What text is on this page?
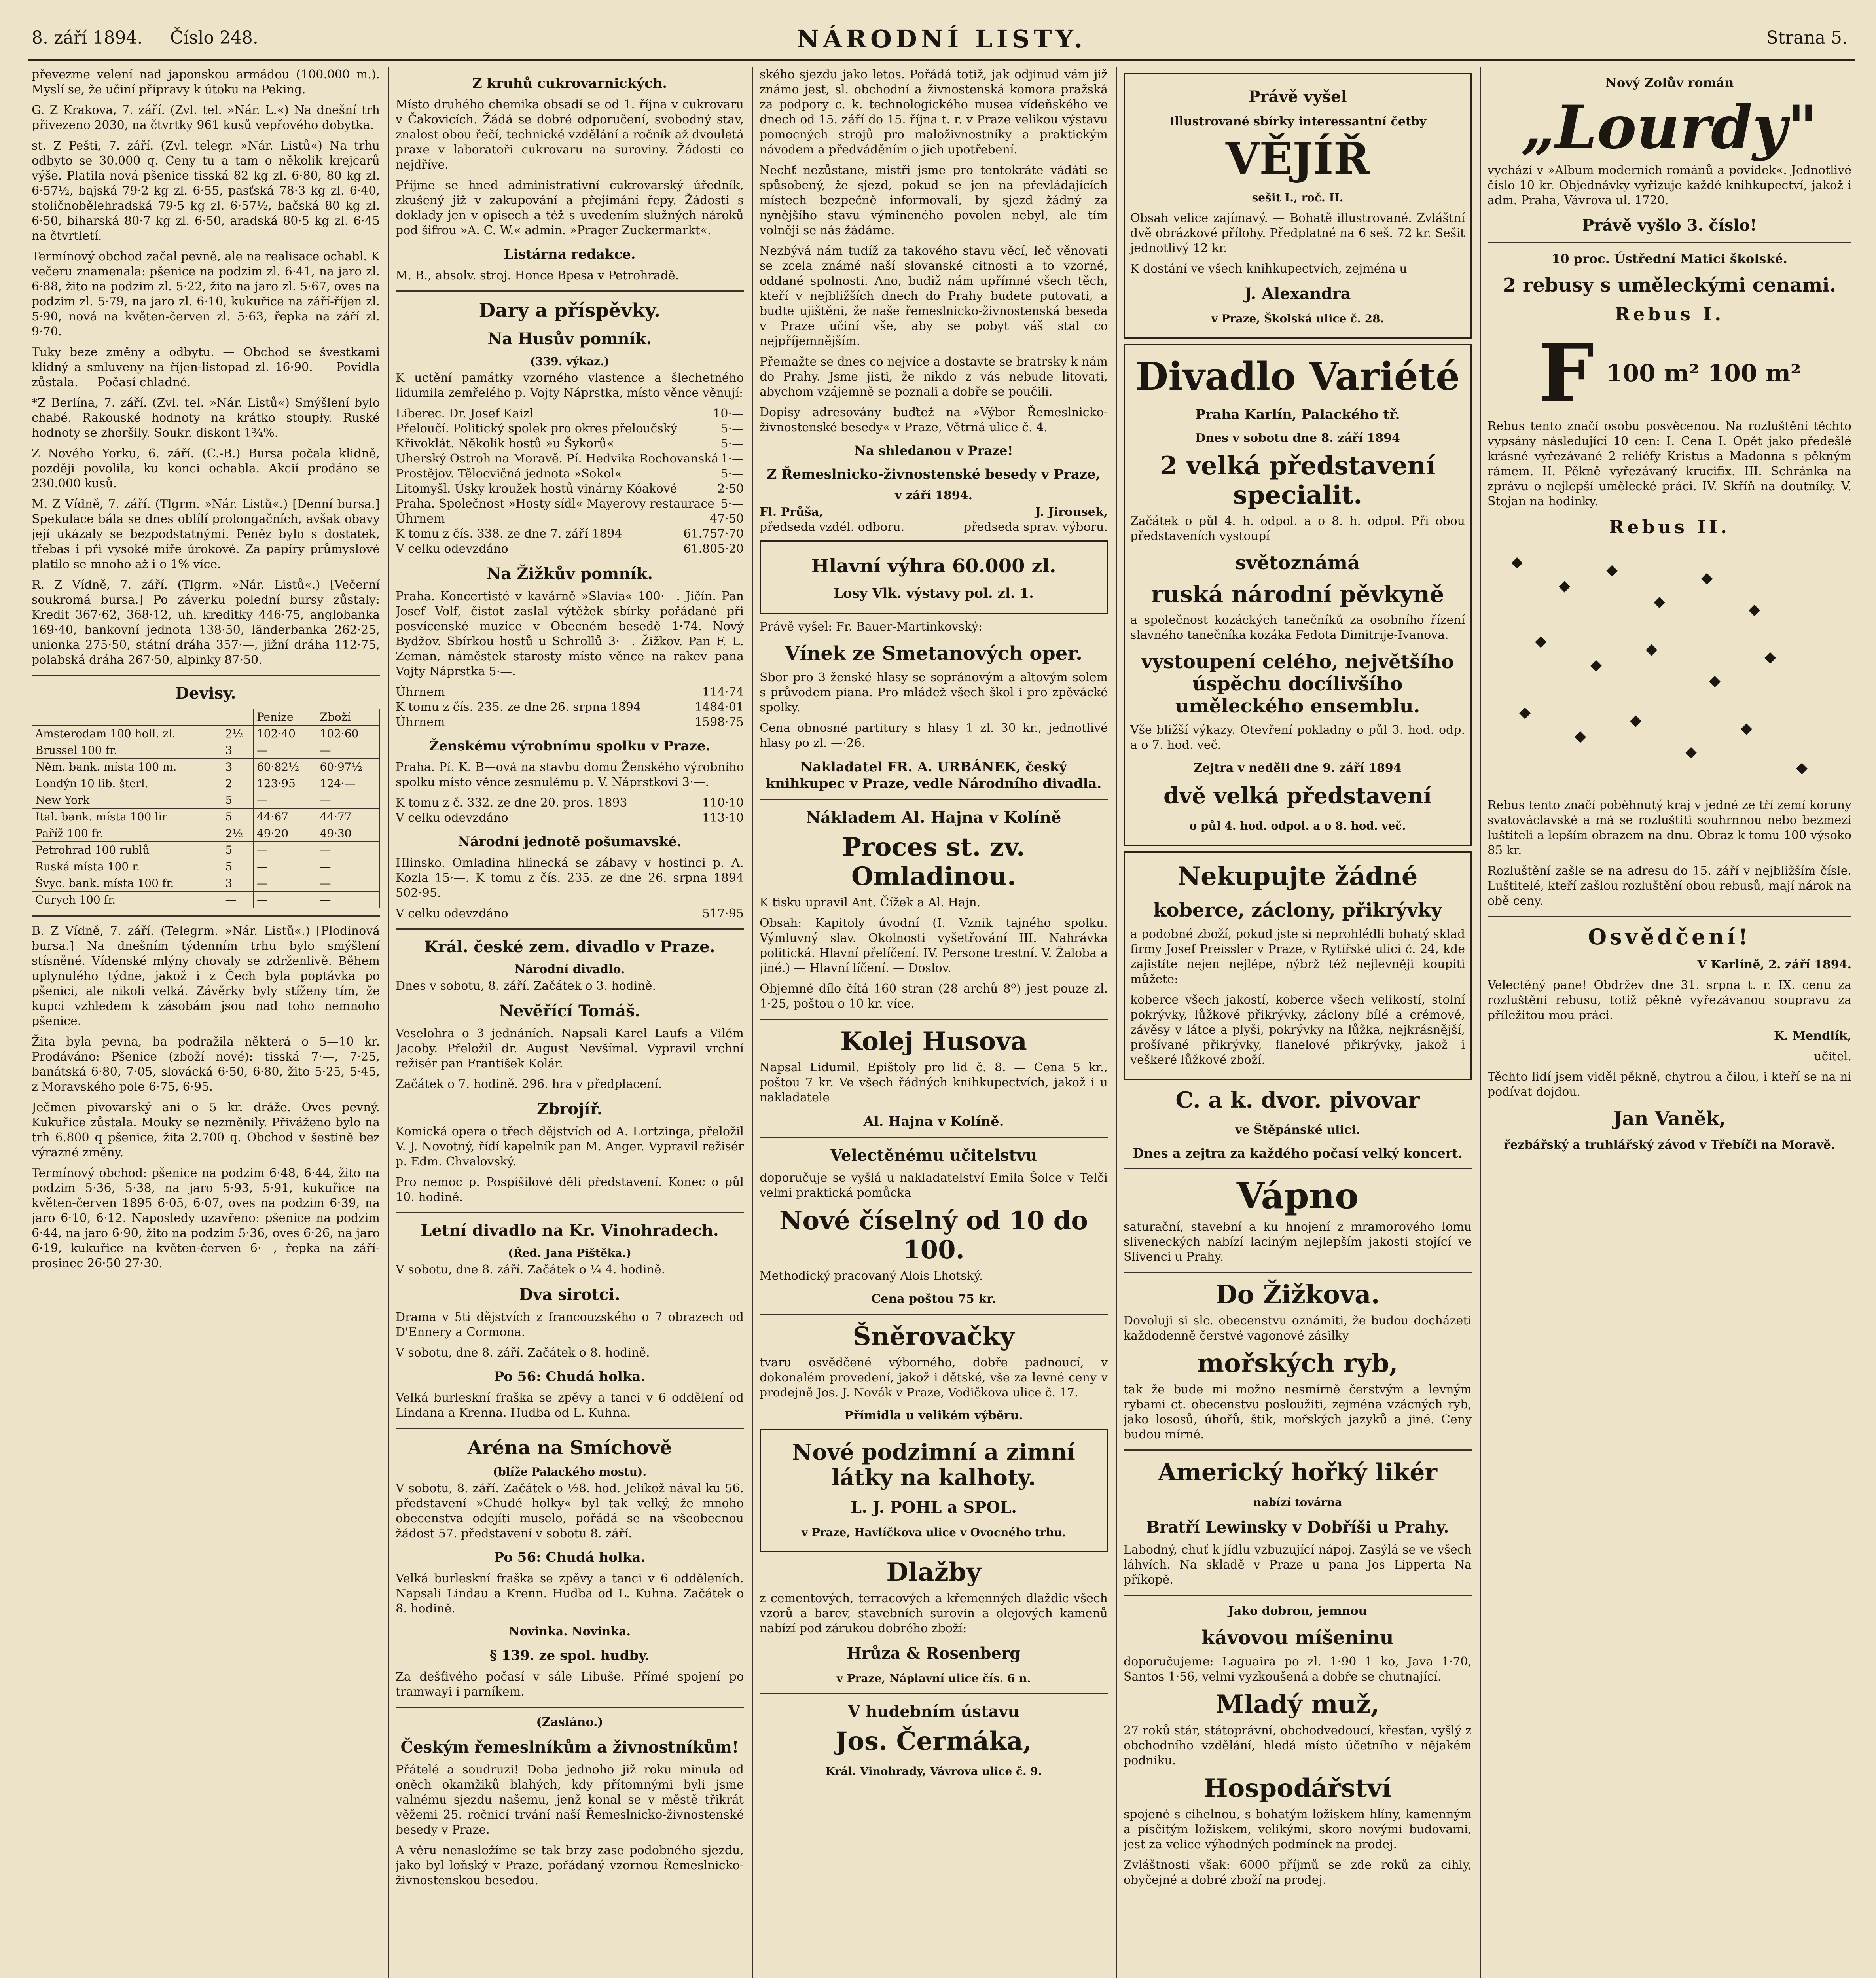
8. září 1894. Číslo 248.	NÁRODNÍ LISTY.	Strana 5.

převezme velení nad japonskou armádou (100.000 m.). Myslí se, že učiní přípravy k útoku na Peking.

G. Z Krakova, 7. září. (Zvl. tel. »Nár. L.«) Na dnešní trh přivezeno 2030, na čtvrtky 961 kusů vepřového dobytka.

st. Z Pešti, 7. září. (Zvl. telegr. »Nár. Listů«) Na trhu odbyto se 30.000 q. Ceny tu a tam o několik krejcarů výše. Platila nová pšenice tisská 82 kg zl. 6·80, 80 kg zl. 6·57½, bajská 79·2 kg zl. 6·55, pasťská 78·3 kg zl. 6·40, stoličnobělehradská 79·5 kg zl. 6·57½, bačská 80 kg zl. 6·50, biharská 80·7 kg zl. 6·50, aradská 80·5 kg zl. 6·45 na čtvrtletí.

Termínový obchod začal pevně, ale na realisace ochabl. K večeru znamenala: pšenice na podzim zl. 6·41, na jaro zl. 6·88, žito na podzim zl. 5·22, žito na jaro zl. 5·67, oves na podzim zl. 5·79, na jaro zl. 6·10, kukuřice na září-říjen zl. 5·90, nová na květen-červen zl. 5·63, řepka na září zl. 9·70.

Tuky beze změny a odbytu. — Obchod se švestkami klidný a smluveny na říjen-listopad zl. 16·90. — Povidla zůstala. — Počasí chladné.

*Z Berlína, 7. září. (Zvl. tel. »Nár. Listů«) Smýšlení bylo chabé. Rakouské hodnoty na krátko stoupły. Ruské hodnoty se zhoršily. Soukr. diskont 1¾%.

Z Nového Yorku, 6. září. (C.-B.) Bursa počala klidně, později povolila, ku konci ochabla. Akcií prodáno se 230.000 kusů.

M. Z Vídně, 7. září. (Tlgrm. »Nár. Listů«.) [Denní bursa.] Spekulace bála se dnes oblílí prolongačních, avšak obavy její ukázaly se bezpodstatnými. Peněz bylo s dostatek, třebas i při vysoké míře úrokové. Za papíry průmyslové platilo se mnoho až i o 1% více.

R. Z Vídně, 7. září. (Tlgrm. »Nár. Listů«.) [Večerní soukromá bursa.] Po záverku polední bursy zůstaly: Kredit 367·62, 368·12, uh. kreditky 446·75, anglobanka 169·40, bankovní jednota 138·50, länderbanka 262·25, unionka 275·50, státní dráha 357·—, jižní dráha 112·75, polabská dráha 267·50, alpinky 87·50.

Devisy.
		Peníze	Zboží
Amsterodam 100 holl. zl.	2½	102·40	102·60
Brussel 100 fr.	3	—	—
Něm. bank. místa 100 m.	3	60·82½	60·97½
Londýn 10 lib. šterl.	2	123·95	124·—
New York	5	—	—
Ital. bank. místa 100 lir	5	44·67	44·77
Paříž 100 fr.	2½	49·20	49·30
Petrohrad 100 rublů	5	—	—
Ruská místa 100 r.	5	—	—
Švyc. bank. místa 100 fr.	3	—	—
Curych 100 fr.	—	—	—

B. Z Vídně, 7. září. (Telegrm. »Nár. Listů«.) [Plodinová bursa.] Na dnešním týdenním trhu bylo smýšlení stísněné. Vídenské mlýny chovaly se zdrženlivě. Během uplynulého týdne, jakož i z Čech byla poptávka po pšenici, ale nikoli velká. Závěrky byly stíženy tím, že kupci vzhledem k zásobám jsou nad toho nemnoho pšenice.

Žita byla pevna, ba podražila některá o 5—10 kr. Prodáváno: Pšenice (zboží nové): tisská 7·—, 7·25, banátská 6·80, 7·05, slovácká 6·50, 6·80, žito 5·25, 5·45, z Moravského pole 6·75, 6·95.

Ječmen pivovarský ani o 5 kr. dráže. Oves pevný. Kukuřice zůstala. Mouky se nezměnily. Přiváženo bylo na trh 6.800 q pšenice, žita 2.700 q. Obchod v šestině bez výrazné změny.

Termínový obchod: pšenice na podzim 6·48, 6·44, žito na podzim 5·36, 5·38, na jaro 5·93, 5·91, kukuřice na květen-červen 1895 6·05, 6·07, oves na podzim 6·39, na jaro 6·10, 6·12. Naposledy uzavřeno: pšenice na podzim 6·44, na jaro 6·90, žito na podzim 5·36, oves 6·26, na jaro 6·19, kukuřice na květen-červen 6·—, řepka na září-prosinec 26·50 27·30.

Z kruhů cukrovarnických.

Místo druhého chemika obsadí se od 1. října v cukrovaru v Čakovicích. Žádá se dobré odporučení, svobodný stav, znalost obou řečí, technické vzdělání a ročník až dvouletá praxe v laboratoři cukrovaru na suroviny. Žádosti co nejdříve.

Příjme se hned administrativní cukrovarský úředník, zkušený již v zakupování a přejímání řepy. Žádosti s doklady jen v opisech a též s uvedením služných nároků pod šifrou »A. C. W.« admin. »Prager Zuckermarkt«.

Listárna redakce.

M. B., absolv. stroj. Honce Bpesa v Petrohradě.

Dary a příspěvky.
Na Husův pomník.

(339. výkaz.)

K uctění památky vzorného vlastence a šlechetného lidumila zemřelého p. Vojty Náprstka, místo věnce věnují:

Liberec. Dr. Josef Kaizl	10·—
Přeloučí. Politický spolek pro okres přeloučský	5·—
Křivoklát. Několik hostů »u Šykorů«	5·—
Uherský Ostroh na Moravě. Pí. Hedvika Rochovanská 1·—
Prostějov. Tělocvičná jednota »Sokol«	5·—
Litomyšl. Úsky kroužek hostů vinárny Kóakové	2·50
Praha. Společnost »Hosty sídl« Mayerovy restaurace 5·—
Úhrnem	47·50
K tomu z čís. 338. ze dne 7. září 1894	61.757·70
V celku odevzdáno	61.805·20
Na Žižkův pomník.

Praha. Koncertisté v kavárně »Slavia« 100·—. Jičín. Pan Josef Volf, čistot zaslal výtěžek sbírky pořádané při posvícenské muzice v Obecném besedě 1·74. Nový Bydžov. Sbírkou hostů u Schrollů 3·—. Žižkov. Pan F. L. Zeman, náměstek starosty místo věnce na rakev pana Vojty Náprstka 5·—.

Úhrnem	114·74
K tomu z čís. 235. ze dne 26. srpna 1894	1484·01
Úhrnem	1598·75
Ženskému výrobnímu spolku v Praze.

Praha. Pí. K. B—ová na stavbu domu Ženského výrobního spolku místo věnce zesnulému p. V. Náprstkovi 3·—.

K tomu z č. 332. ze dne 20. pros. 1893	110·10
V celku odevzdáno	113·10
Národní jednotě pošumavské.

Hlinsko. Omladina hlinecká se zábavy v hostinci p. A. Kozla 15·—. K tomu z čís. 235. ze dne 26. srpna 1894 502·95.

V celku odevzdáno	517·95
Král. české zem. divadlo v Praze.

Národní divadlo.

Dnes v sobotu, 8. září. Začátek o 3. hodině.

Nevěřící Tomáš.

Veselohra o 3 jednáních. Napsali Karel Laufs a Vilém Jacoby. Přeložil dr. August Nevšímal. Vypravil vrchní režisér pan František Kolár.

Začátek o 7. hodině. 296. hra v předplacení.

Zbrojíř.

Komická opera o třech dějstvích od A. Lortzinga, přeložil V. J. Novotný, řídí kapelník pan M. Anger. Vypravil režisér p. Edm. Chvalovský.

Pro nemoc p. Pospíšilové dělí představení. Konec o půl 10. hodině.

Letní divadlo na Kr. Vinohradech.

(Řed. Jana Pištěka.)

V sobotu, dne 8. září. Začátek o ¼ 4. hodině.

Dva sirotci.

Drama v 5ti dějstvích z francouzského o 7 obrazech od D'Ennery a Cormona.

V sobotu, dne 8. září. Začátek o 8. hodině.

Po 56: Chudá holka.

Velká burleskní fraška se zpěvy a tanci v 6 oddělení od Lindana a Krenna. Hudba od L. Kuhna.

Aréna na Smíchově

(blíže Palackého mostu).

V sobotu, 8. září. Začátek o ½8. hod. Jelikož nával ku 56. představení »Chudé holky« byl tak velký, že mnoho obecenstva odejíti muselo, pořádá se na všeobecnou žádost 57. představení v sobotu 8. září.

Po 56: Chudá holka.

Velká burleskní fraška se zpěvy a tanci v 6 odděleních. Napsali Lindau a Krenn. Hudba od L. Kuhna. Začátek o 8. hodině.

Novinka. Novinka.

§ 139. ze spol. hudby.

Za dešťivého počasí v sále Libuše. Přímé spojení po tramwayi i parníkem.

(Zasláno.)

Českým řemeslníkům a živnostníkům!

Přátelé a soudruzi! Doba jednoho již roku minula od oněch okamžiků blahých, kdy přítomnými byli jsme valnému sjezdu našemu, jenž konal se v městě třikrát věžemi 25. ročnicí trvání naší Řemeslnicko-živnostenské besedy v Praze.

A věru nenasložíme se tak brzy zase podobného sjezdu, jako byl loňský v Praze, pořádaný vzornou Řemeslnicko-živnostenskou besedou.

ského sjezdu jako letos. Pořádá totiž, jak odjinud vám již známo jest, sl. obchodní a živnostenská komora pražská za podpory c. k. technologického musea vídeňského ve dnech od 15. září do 15. října t. r. v Praze velikou výstavu pomocných strojů pro maloživnostníky a praktickým návodem a předváděním o jich upotřebení.

Nechť nezůstane, mistři jsme pro tentokráte vádáti se spůsobený, že sjezd, pokud se jen na převládajících místech bezpečně informovali, by sjezd žádný za nynějšího stavu výmineného povolen nebyl, ale tím volněji se nás žádáme.

Nezbývá nám tudíž za takového stavu věcí, leč věnovati se zcela známé naší slovanské citnosti a to vzorné, oddané spolnosti. Ano, budiž nám upřímné všech těch, kteří v nejbližších dnech do Prahy budete putovati, a budte ujištěni, že naše řemeslnicko-živnostenská beseda v Praze učiní vše, aby se pobyt váš stal co nejpříjemnějším.

Přemažte se dnes co nejvíce a dostavte se bratrsky k nám do Prahy. Jsme jisti, že nikdo z vás nebude litovati, abychom vzájemně se poznali a dobře se poučili.

Dopisy adresovány buďtež na »Výbor Řemeslnicko-živnostenské besedy« v Praze, Větrná ulice č. 4.

Na shledanou v Praze!

Z Řemeslnicko-živnostenské besedy v Praze,

v září 1894.

Fl. Průša,	J. Jirousek,
předseda vzdél. odboru.	předseda sprav. výboru.
Hlavní výhra 60.000 zl.
Losy Vlk. výstavy pol. zl. 1.

Právě vyšel: Fr. Bauer-Martinkovský:

Vínek ze Smetanových oper.

Sbor pro 3 ženské hlasy se sopránovým a altovým solem s průvodem piana. Pro mládež všech škol i pro zpěvácké spolky.

Cena obnosné partitury s hlasy 1 zl. 30 kr., jednotlivé hlasy po zl. —·26.

Nakladatel FR. A. URBÁNEK, český knihkupec v Praze, vedle Národního divadla.
Nákladem Al. Hajna v Kolíně
Proces st. zv. Omladinou.

K tisku upravil Ant. Čížek a Al. Hajn.

Obsah: Kapitoly úvodní (I. Vznik tajného spolku. Výmluvný slav. Okolnosti vyšetřování III. Nahrávka politická. Hlavní přelíčení. IV. Persone trestní. V. Žaloba a jiné.) — Hlavní líčení. — Doslov.

Objemné dílo čítá 160 stran (28 archů 8º) jest pouze zl. 1·25, poštou o 10 kr. více.

Kolej Husova

Napsal Lidumil. Epištoly pro lid č. 8. — Cena 5 kr., poštou 7 kr. Ve všech řádných knihkupectvích, jakož i u nakladatele

Al. Hajna v Kolíně.
Velectěnému učitelstvu

doporučuje se vyšlá u nakladatelství Emila Šolce v Telči velmi praktická pomůcka

Nové číselný od 10 do 100.

Methodický pracovaný Alois Lhotský.

Cena poštou 75 kr.

Šněrovačky

tvaru osvědčené výborného, dobře padnoucí, v dokonalém provedení, jakož i dětské, vše za levné ceny v prodejně Jos. J. Novák v Praze, Vodičkova ulice č. 17.

Přímidla u velikém výběru.

Nové podzimní a zimní látky na kalhoty.
L. J. POHL a SPOL.

v Praze, Havlíčkova ulice v Ovocného trhu.

Dlažby

z cementových, terracových a křemenných dlaždic všech vzorů a barev, stavebních surovin a olejových kamenů nabízí pod zárukou dobrého zboží:

Hrůza & Rosenberg

v Praze, Náplavní ulice čís. 6 n.

V hudebním ústavu
Jos. Čermáka,

Král. Vinohrady, Vávrova ulice č. 9.

Právě vyšel

Illustrované sbírky interessantní četby

VĚJÍŘ

sešit I., roč. II.

Obsah velice zajímavý. — Bohatě illustrované. Zvláštní dvě obrázkové přílohy. Předplatné na 6 seš. 72 kr. Sešit jednotlivý 12 kr.

K dostání ve všech knihkupectvích, zejména u

J. Alexandra

v Praze, Školská ulice č. 28.

Divadlo Variété
Praha Karlín, Palackého tř.

Dnes v sobotu dne 8. září 1894

2 velká představení specialit.

Začátek o půl 4. h. odpol. a o 8. h. odpol. Při obou představeních vystoupí

světoznámá
ruská národní pěvkyně

a společnost kozáckých tanečníků za osobního řízení slavného tanečníka kozáka Fedota Dimitrije-Ivanova.

vystoupení celého, největšího úspěchu docílivšího uměleckého ensemblu.

Vše bližší výkazy. Otevření pokladny o půl 3. hod. odp. a o 7. hod. več.

Zejtra v neděli dne 9. září 1894

dvě velká představení

o půl 4. hod. odpol. a o 8. hod. več.

Nekupujte žádné
koberce, záclony, přikrývky

a podobné zboží, pokud jste si neprohlédli bohatý sklad firmy Josef Preissler v Praze, v Rytířské ulici č. 24, kde zajistíte nejen nejlépe, nýbrž též nejlevněji koupiti můžete:

koberce všech jakostí, koberce všech velikostí, stolní pokrývky, lůžkové přikrývky, záclony bílé a crémové, závěsy v látce a plyši, pokrývky na lůžka, nejkrásnější, prošívané přikrývky, flanelové přikrývky, jakož i veškeré lůžkové zboží.

C. a k. dvor. pivovar

ve Štěpánské ulici.

Dnes a zejtra za každého počasí velký koncert.

Vápno

saturační, stavební a ku hnojení z mramorového lomu sliveneckých nabízí laciným nejlepším jakosti stojící ve Slivenci u Prahy.

Do Žižkova.

Dovoluji si slc. obecenstvu oznámiti, že budou docházeti každodenně čerstvé vagonové zásilky

mořských ryb,

tak že bude mi možno nesmírně čerstvým a levným rybami ct. obecenstvu posloužiti, zejména vzácných ryb, jako lososů, úhořů, štik, mořských jazyků a jiné. Ceny budou mírné.

Americký hořký likér

nabízí továrna

Bratří Lewinsky v Dobříši u Prahy.

Labodný, chuť k jídlu vzbuzující nápoj. Zasýlá se ve všech láhvích. Na skladě v Praze u pana Jos Lipperta Na příkopě.

Jako dobrou, jemnou

kávovou míšeninu

doporučujeme: Laguaira po zl. 1·90 1 ko, Java 1·70, Santos 1·56, velmi vyzkoušená a dobře se chutnající.

Mladý muž,

27 roků stár, státoprávní, obchodvedoucí, křesťan, vyšlý z obchodního vzdělání, hledá místo účetního v nějakém podniku.

Hospodářství

spojené s cihelnou, s bohatým ložiskem hlíny, kamenným a písčitým ložiskem, velikými, skoro novými budovami, jest za velice výhodných podmínek na prodej.

Zvláštnosti však: 6000 příjmů se zde roků za cihly, obyčejné a dobré zboží na prodej.

Nový Zolův román

„Lourdy"

vychází v »Album moderních románů a povídek«. Jednotlivé číslo 10 kr. Objednávky vyřizuje každé knihkupectví, jakož i adm. Praha, Vávrova ul. 1720.

Právě vyšlo 3. číslo!

10 proc. Ústřední Matici školské.

2 rebusy s uměleckými cenami.
Rebus I.
F 100 m² 100 m²

Rebus tento značí osobu posvěcenou. Na rozluštění těchto vypsány následující 10 cen: I. Cena I. Opět jako předešlé krásně vyřezávané 2 reliéfy Kristus a Madonna s pěkným rámem. II. Pěkně vyřezávaný krucifix. III. Schránka na zprávu o nejlepší umělecké práci. IV. Skříň na doutníky. V. Stojan na hodinky.

Rebus II.
◆
◆
◆
◆
◆
◆
◆
◆
◆
◆
◆
◆
◆
◆
◆
◆
◆

Rebus tento značí poběhnutý kraj v jedné ze tří zemí koruny svatováclavské a má se rozluštiti souhrnnou nebo bezmezi luštiteli a lepším obrazem na dnu. Obraz k tomu 100 výsoko 85 kr.

Rozluštění zašle se na adresu do 15. září v nejbližším čísle. Luštitelé, kteří zašlou rozluštění obou rebusů, mají nárok na obě ceny.

Osvědčení!

V Karlíně, 2. září 1894.

Velectěný pane! Obdržev dne 31. srpna t. r. IX. cenu za rozluštění rebusu, totiž pěkně vyřezávanou soupravu za příležitou mou práci.

K. Mendlík,

učitel.

Těchto lidí jsem viděl pěkně, chytrou a čilou, i kteří se na ni podívat dojdou.

Jan Vaněk,

řezbářský a truhlářský závod v Třebíči na Moravě.
